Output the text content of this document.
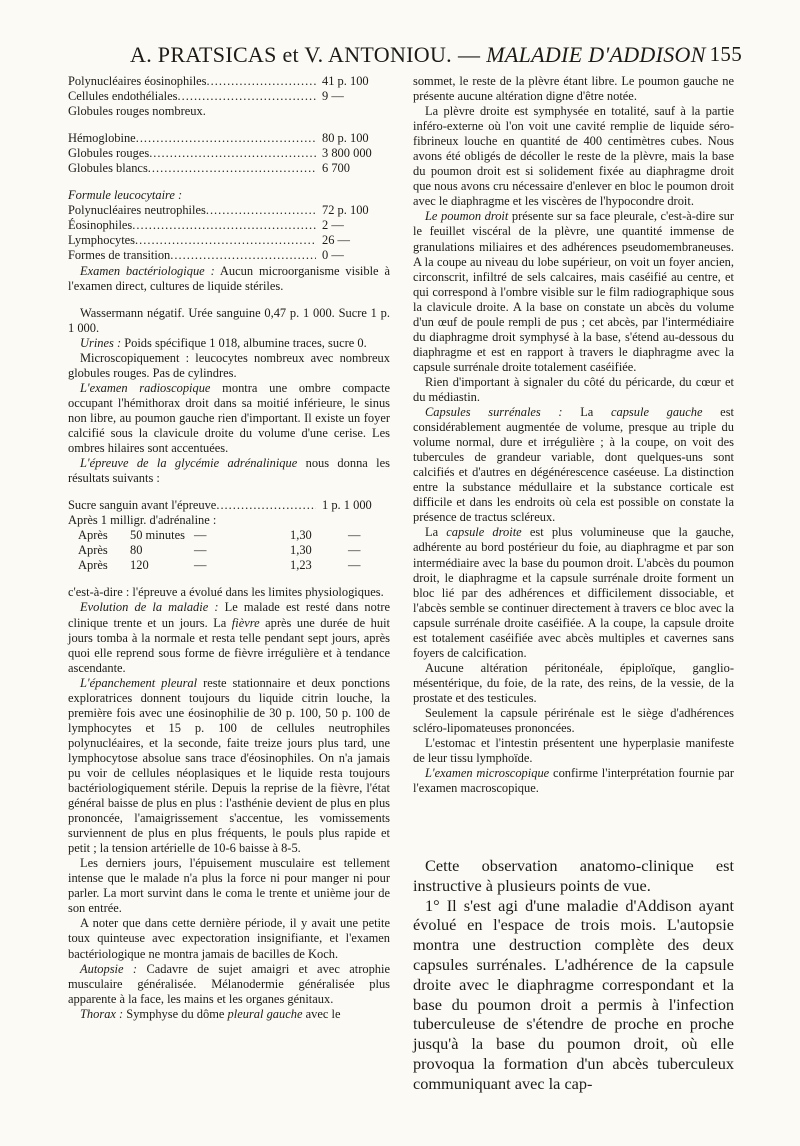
A. PRATSICAS et V. ANTONIOU. — MALADIE D'ADDISON 155
Polynucléaires éosinophiles .....	41 p. 100
Cellules endothéliales .....	9 —

Globules rouges nombreux.

Hémoglobine .....	80 p. 100
Globules rouges .....	3 800 000
Globules blancs .....	6 700

Formule leucocytaire :

Polynucléaires neutrophiles .....	72 p. 100
Éosinophiles .....	2 —
Lymphocytes .....	26 —
Formes de transition .....	0 —

Examen bactériologique : Aucun microorganisme visible à l'examen direct, cultures de liquide stériles.

Wassermann négatif. Urée sanguine 0,47 p. 1 000. Sucre 1 p. 1 000.

Urines : Poids spécifique 1 018, albumine traces, sucre 0.

Microscopiquement : leucocytes nombreux avec nombreux globules rouges. Pas de cylindres.

L'examen radioscopique montra une ombre compacte occupant l'hémithorax droit dans sa moitié inférieure, le sinus non libre, au poumon gauche rien d'important. Il existe un foyer calcifié sous la clavicule droite du volume d'une cerise. Les ombres hilaires sont accentuées.

L'épreuve de la glycémie adrénalinique nous donna les résultats suivants :

Sucre sanguin avant l'épreuve .....	1 p. 1 000

Après 1 milligr. d'adrénaline :

Après 50 minutes —	1,30	—
Après 80	—	1,30	—
Après 120	—	1,23	—

c'est-à-dire : l'épreuve a évolué dans les limites physiologiques.

Evolution de la maladie : Le malade est resté dans notre clinique trente et un jours. La fièvre après une durée de huit jours tomba à la normale et resta telle pendant sept jours, après quoi elle reprend sous forme de fièvre irrégulière et à tendance ascendante.

L'épanchement pleural reste stationnaire et deux ponctions exploratrices donnent toujours du liquide citrin louche, la première fois avec une éosinophilie de 30 p. 100, 50 p. 100 de lymphocytes et 15 p. 100 de cellules neutrophiles polynucléaires, et la seconde, faite treize jours plus tard, une lymphocytose absolue sans trace d'éosinophiles. On n'a jamais pu voir de cellules néoplasiques et le liquide resta toujours bactériologiquement stérile. Depuis la reprise de la fièvre, l'état général baisse de plus en plus : l'asthénie devient de plus en plus prononcée, l'amaigrissement s'accentue, les vomissements surviennent de plus en plus fréquents, le pouls plus rapide et petit ; la tension artérielle de 10-6 baisse à 8-5.

Les derniers jours, l'épuisement musculaire est tellement intense que le malade n'a plus la force ni pour manger ni pour parler. La mort survint dans le coma le trente et unième jour de son entrée.

A noter que dans cette dernière période, il y avait une petite toux quinteuse avec expectoration insignifiante, et l'examen bactériologique ne montra jamais de bacilles de Koch.

Autopsie : Cadavre de sujet amaigri et avec atrophie musculaire généralisée. Mélanodermie généralisée plus apparente à la face, les mains et les organes génitaux.

Thorax : Symphyse du dôme pleural gauche avec le

sommet, le reste de la plèvre étant libre. Le poumon gauche ne présente aucune altération digne d'être notée.

La plèvre droite est symphysée en totalité, sauf à la partie inféro-externe où l'on voit une cavité remplie de liquide séro-fibrineux louche en quantité de 400 centimètres cubes. Nous avons été obligés de décoller le reste de la plèvre, mais la base du poumon droit est si solidement fixée au diaphragme droit que nous avons cru nécessaire d'enlever en bloc le poumon droit avec le diaphragme et les viscères de l'hypocondre droit.

Le poumon droit présente sur sa face pleurale, c'est-à-dire sur le feuillet viscéral de la plèvre, une quantité immense de granulations miliaires et des adhérences pseudomembraneuses. A la coupe au niveau du lobe supérieur, on voit un foyer ancien, circonscrit, infiltré de sels calcaires, mais caséifié au centre, et qui correspond à l'ombre visible sur le film radiographique sous la clavicule droite. A la base on constate un abcès du volume d'un œuf de poule rempli de pus ; cet abcès, par l'intermédiaire du diaphragme droit symphysé à la base, s'étend au-dessous du diaphragme et est en rapport à travers le diaphragme avec la capsule surrénale droite totalement caséifiée.

Rien d'important à signaler du côté du péricarde, du cœur et du médiastin.

Capsules surrénales : La capsule gauche est considérablement augmentée de volume, presque au triple du volume normal, dure et irrégulière ; à la coupe, on voit des tubercules de grandeur variable, dont quelques-uns sont calcifiés et d'autres en dégénérescence caséeuse. La distinction entre la substance médullaire et la substance corticale est difficile et dans les endroits où cela est possible on constate la présence de tractus scléreux.

La capsule droite est plus volumineuse que la gauche, adhérente au bord postérieur du foie, au diaphragme et par son intermédiaire avec la base du poumon droit. L'abcès du poumon droit, le diaphragme et la capsule surrénale droite forment un bloc lié par des adhérences et difficilement dissociable, et l'abcès semble se continuer directement à travers ce bloc avec la capsule surrénale droite caséifiée. A la coupe, la capsule droite est totalement caséifiée avec abcès multiples et cavernes sans foyers de calcification.

Aucune altération péritonéale, épiploïque, ganglio-mésentérique, du foie, de la rate, des reins, de la vessie, de la prostate et des testicules.

Seulement la capsule périrénale est le siège d'adhérences scléro-lipomateuses prononcées.

L'estomac et l'intestin présentent une hyperplasie manifeste de leur tissu lymphoïde.

L'examen microscopique confirme l'interprétation fournie par l'examen macroscopique.

Cette observation anatomo-clinique est instructive à plusieurs points de vue.

1° Il s'est agi d'une maladie d'Addison ayant évolué en l'espace de trois mois. L'autopsie montra une destruction complète des deux capsules surrénales. L'adhérence de la capsule droite avec le diaphragme correspondant et la base du poumon droit a permis à l'infection tuberculeuse de s'étendre de proche en proche jusqu'à la base du poumon droit, où elle provoqua la formation d'un abcès tuberculeux communiquant avec la cap-
